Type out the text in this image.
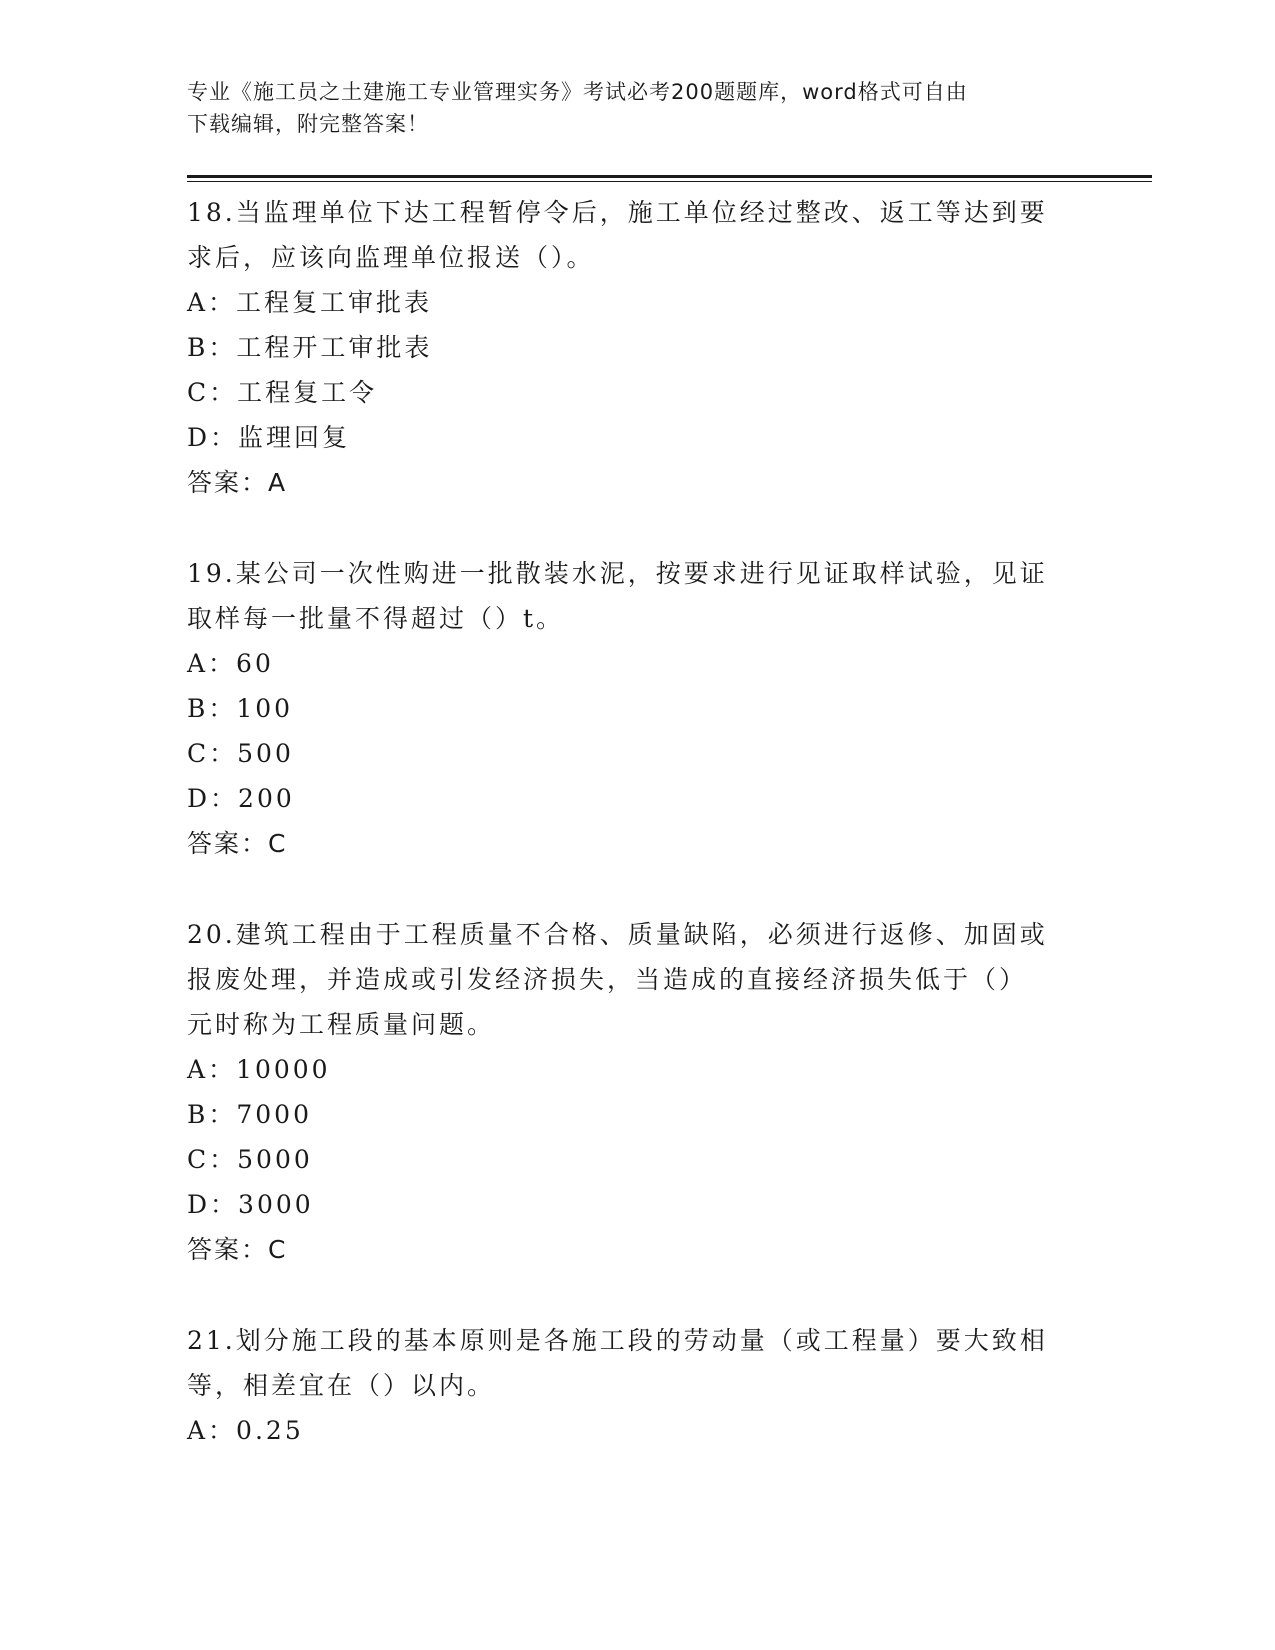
专业《施工员之土建施工专业管理实务》考试必考200题题库，word格式可自由
下载编辑，附完整答案！

18.当监理单位下达工程暂停令后，施工单位经过整改、返工等达到要

求后，应该向监理单位报送（）。

A：工程复工审批表

B：工程开工审批表

C：工程复工令

D：监理回复

答案：A

19.某公司一次性购进一批散装水泥，按要求进行见证取样试验，见证

取样每一批量不得超过（）t。

A：60

B：100

C：500

D：200

答案：C

20.建筑工程由于工程质量不合格、质量缺陷，必须进行返修、加固或

报废处理，并造成或引发经济损失，当造成的直接经济损失低于（）

元时称为工程质量问题。

A：10000

B：7000

C：5000

D：3000

答案：C

21.划分施工段的基本原则是各施工段的劳动量（或工程量）要大致相

等，相差宜在（）以内。

A：0.25
